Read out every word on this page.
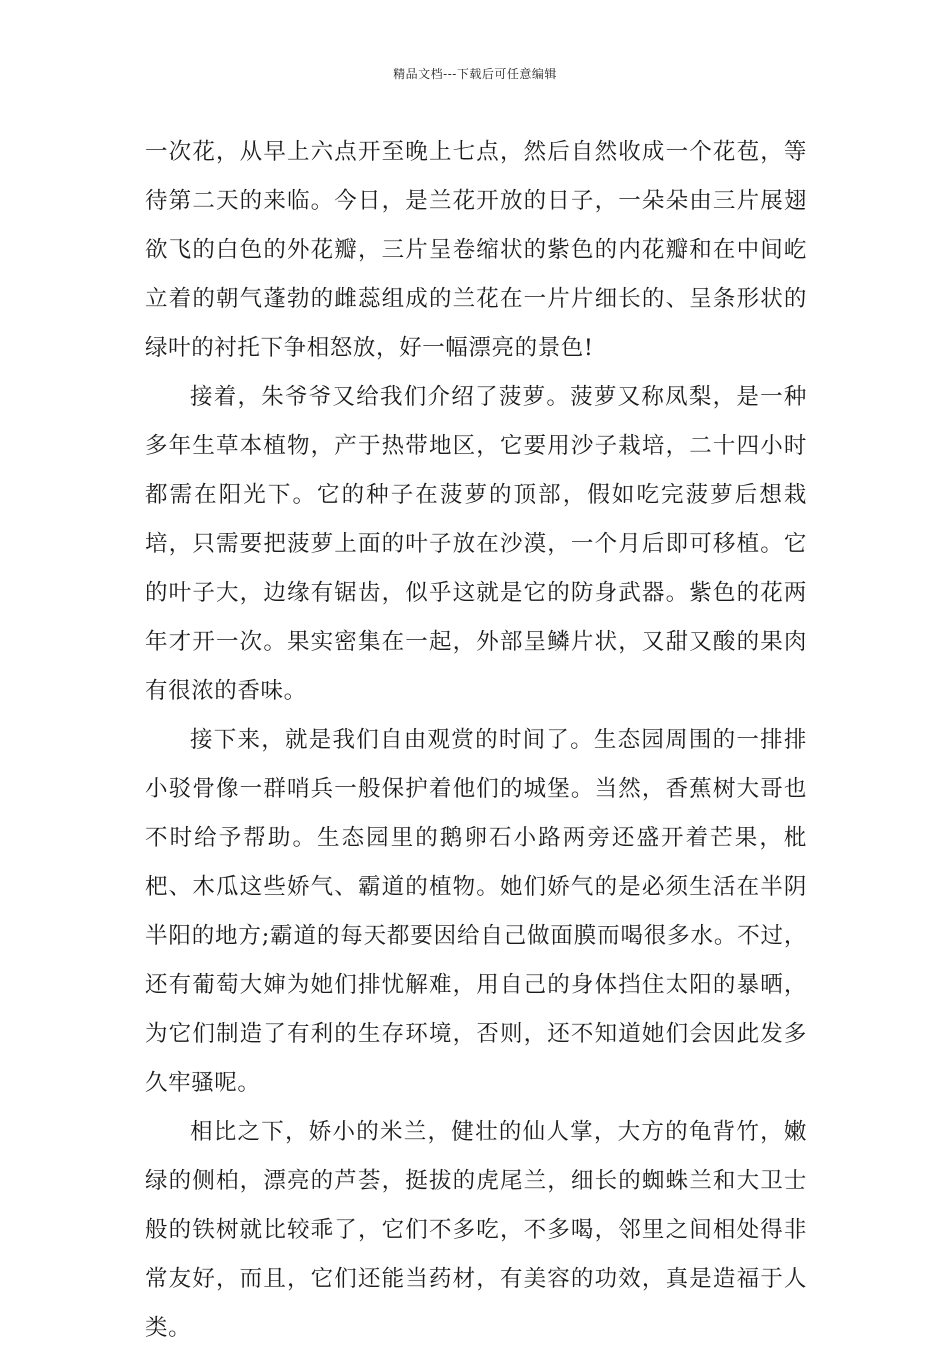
精品文档---下载后可任意编辑

一次花，从早上六点开至晚上七点，然后自然收成一个花苞，等待第二天的来临。今日，是兰花开放的日子，一朵朵由三片展翅欲飞的白色的外花瓣，三片呈卷缩状的紫色的内花瓣和在中间屹立着的朝气蓬勃的雌蕊组成的兰花在一片片细长的、呈条形状的绿叶的衬托下争相怒放，好一幅漂亮的景色!

接着，朱爷爷又给我们介绍了菠萝。菠萝又称凤梨，是一种多年生草本植物，产于热带地区，它要用沙子栽培，二十四小时都需在阳光下。它的种子在菠萝的顶部，假如吃完菠萝后想栽培，只需要把菠萝上面的叶子放在沙漠，一个月后即可移植。它的叶子大，边缘有锯齿，似乎这就是它的防身武器。紫色的花两年才开一次。果实密集在一起，外部呈鳞片状，又甜又酸的果肉有很浓的香味。

接下来，就是我们自由观赏的时间了。生态园周围的一排排小驳骨像一群哨兵一般保护着他们的城堡。当然，香蕉树大哥也不时给予帮助。生态园里的鹅卵石小路两旁还盛开着芒果，枇杷、木瓜这些娇气、霸道的植物。她们娇气的是必须生活在半阴半阳的地方;霸道的每天都要因给自己做面膜而喝很多水。不过，还有葡萄大婶为她们排忧解难，用自己的身体挡住太阳的暴晒，为它们制造了有利的生存环境，否则，还不知道她们会因此发多久牢骚呢。

相比之下，娇小的米兰，健壮的仙人掌，大方的龟背竹，嫩绿的侧柏，漂亮的芦荟，挺拔的虎尾兰，细长的蜘蛛兰和大卫士般的铁树就比较乖了，它们不多吃，不多喝，邻里之间相处得非常友好，而且，它们还能当药材，有美容的功效，真是造福于人类。
